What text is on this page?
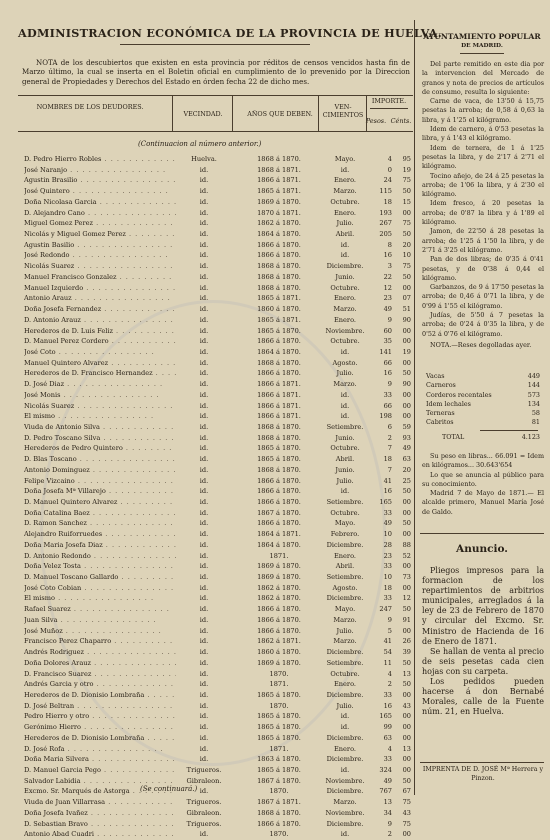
ADMINISTRACION ECONÓMICA DE LA PROVINCIA DE HUELVA.
NOTA de los descubiertos que existen en esta provincia por réditos de censos vencidos hasta fin de Marzo último, la cual se inserta en el Boletin oficial en cumplimiento de lo prevenido por la Direccion general de Propiedades y Derechos del Estado en órden fecha 22 de dicho mes.
NOMBRES DE LOS DEUDORES.
VECINDAD.	AÑOS QUE DEBEN.
VEN- CIMIENTOS
IMPORTE.
Pesos. Cénts.
(Continuacion al número anterior.)
D. Pedro Hierro Robles . . .	Huelva.	1868 á 1870.	Mayo.	4	95
José Naranjo . . .	id.	1868 á 1871.	id.	0	19
Agustin Brasilio . . .	id.	1866 á 1871.	Enero.	24	75
José Quintero . . .	id.	1865 á 1871.	Marzo.	115	50
Doña Nicolasa Garcia . . .	id.	1869 á 1870.	Octubre.	18	15
D. Alejandro Cano . . .	id.	1870 á 1871.	Enero.	193	00
Miguel Gomez Perez . . .	id.	1862 á 1870.	Julio.	267	75
Nicolás y Miguel Gomez Perez . . .	id.	1864 á 1870.	Abril.	205	50
Agustin Basilio . . .	id.	1866 á 1870.	id.	8	20
José Redondo . . .	id.	1866 á 1870.	id.	16	10
Nicolás Suarez . . .	id.	1868 á 1870.	Diciembre.	3	75
Manuel Francisco Gonzalez . . .	id.	1868 á 1870.	Junio.	22	50
Manuel Izquierdo . . .	id.	1868 á 1870.	Octubre.	12	00
Antonio Arauz . . .	id.	1865 á 1871.	Enero.	23	07
Doña Josefa Fernandez . . .	id.	1860 á 1870.	Marzo.	49	51
D. Antonio Arauz . . .	id.	1865 á 1871.	Enero.	9	90
Herederos de D. Luis Feliz . . .	id.	1865 á 1870.	Noviembre.	60	00
D. Manuel Perez Cordero . . .	id.	1866 á 1870.	Octubre.	35	00
José Coto . . .	id.	1864 á 1870.	id.	141	19
Manuel Quintero Alvarez . . .	id.	1868 á 1870.	Agosto.	66	00
Herederos de D. Francisco Hernandez . . .	id.	1866 á 1870.	Julio.	16	50
D. José Diaz . . .	id.	1866 á 1871.	Marzo.	9	90
José Monis . . .	id.	1866 á 1871.	id.	33	00
Nicolás Suarez . . .	id.	1866 á 1871.	id.	66	00
El mismo . . .	id.	1866 á 1871.	id.	198	00
Viuda de Antonio Silva . . .	id.	1868 á 1870.	Setiembre.	6	59
D. Pedro Toscano Silva . . .	id.	1868 á 1870.	Junio.	2	93
Herederos de Pedro Quintero . . .	id.	1865 á 1870.	Octubre.	7	49
D. Blas Toscano . . .	id.	1865 á 1870.	Abril.	18	63
Antonio Dominguez . . .	id.	1868 á 1870.	Junio.	7	20
Felipe Vizcaino . . .	id.	1866 á 1870.	Julio.	41	25
Doña Josefa Mª Villarejo . . .	id.	1866 á 1870.	id.	16	50
D. Manuel Quintero Alvarez . . .	id.	1866 á 1870.	Setiembre.	165	00
Doña Catalina Baez . . .	id.	1867 á 1870.	Octubre.	33	00
D. Ramon Sanchez . . .	id.	1866 á 1870.	Mayo.	49	50
Alejandro Ruiforruedes . . .	id.	1864 á 1871.	Febrero.	10	00
Doña Maria Josefa Diaz . . .	id.	1864 á 1870.	Diciembre.	28	88
D. Antonio Redondo . . .	id.	1871.	Enero.	23	52
Doña Velez Tosta . . .	id.	1869 á 1870.	Abril.	33	00
D. Manuel Toscano Gallardo . . .	id.	1869 á 1870.	Setiembre.	10	73
José Coto Cobian . . .	id.	1862 á 1870.	Agosto.	18	00
El mismo . . .	id.	1862 á 1870.	Diciembre.	33	12
Rafael Suarez . . .	id.	1866 á 1870.	Mayo.	247	50
Juan Silva . . .	id.	1866 á 1870.	Marzo.	9	91
José Muñoz . . .	id.	1866 á 1870.	Julio.	5	00
Francisco Perez Chaparro . . .	id.	1862 á 1871.	Marzo.	41	26
Andrés Rodriguez . . .	id.	1860 á 1870.	Diciembre.	54	39
Doña Dolores Arauz . . .	id.	1869 á 1870.	Setiembre.	11	50
D. Francisco Suarez . . .	id.	1870.	Octubre.	4	13
Andrés Garcia y otro . . .	id.	1871.	Enero.	2	50
Herederos de D. Dionisio Lombraña . . .	id.	1865 á 1870.	Diciembre.	33	00
D. José Beltran . . .	id.	1870.	Julio.	16	43
Pedro Hierro y otro . . .	id.	1865 á 1870.	id.	165	00
Gerónimo Hierro . . .	id.	1865 á 1870.	id.	99	00
Herederos de D. Dionisio Lombraña . . .	id.	1865 á 1870.	Diciembre.	63	00
D. José Rofa . . .	id.	1871.	Enero.	4	13
Doña Maria Silvera . . .	id.	1863 á 1870.	Diciembre.	33	00
D. Manuel Garcia Pego . . .	Trigueros.	1865 á 1870.	id.	324	00
Salvador Labidia . . .	Gibraleon.	1867 á 1870.	Noviembre.	49	50
Excmo. Sr. Marqués de Astorga . . .	id.	1870.	Diciembre.	767	67
Viuda de Juan Villarrasa . . .	Trigueros.	1867 á 1871.	Marzo.	13	75
Doña Josefa Ivañez . . .	Gibraleon.	1868 á 1870.	Noviembre.	34	43
D. Sebastian Bravo . . .	Trigueros.	1866 á 1870.	Diciembre.	9	75
Antonio Abad Cuadri . . .	id.	1870.	id.	2	00
(Se continuará.)
AYUNTAMIENTO POPULAR
DE MADRID.

Del parte remitido en este dia por la intervencion del Mercado de granos y nota de precios de artículos de consumo, resulta lo siguiente:

Carne de vaca, de 13'50 á 15,75 pesetas la arroba; de 0,58 á 0,63 la libra, y á 1'25 el kilógramo.

Idem de carnero, á 0'53 pesetas la libra, y á 1'43 el kilógramo.

Idem de ternera, de 1 á 1'25 pesetas la libra, y de 2'17 á 2'71 el kilógramo.

Tocino añejo, de 24 á 25 pesetas la arroba; de 1'06 la libra, y á 2'30 el kilógramo.

Idem fresco, á 20 pesetas la arroba; de 0'87 la libra y á 1'89 el kilógramo.

Jamon, de 22'50 á 28 pesetas la arroba; de 1'25 á 1'50 la libra, y de 2'71 á 3'25 el kilógramo.

Pan de dos libras; de 0'35 á 0'41 pesetas, y de 0'38 á 0,44 el kilógramo.

Garbanzos, de 9 á 17'50 pesetas la arroba; de 0,46 á 0'71 la libra, y de 0'99 á 1'55 el kilógramo.

Judías, de 5'50 á 7 pesetas la arroba; de 0'24 á 0'35 la libra, y de 0'52 á 0'76 el kilógramo.

NOTA.—Reses degolladas ayer.

Vacas	449
Carneros	144
Corderos recentales	573
Idem lechales	134
Terneras	58
Cabritos	81
TOTAL	4.123

Su peso en libras... 66.091 = Idem en kilógramos... 30.643'654

Lo que se anuncia al público para su conocimiento.

Madrid 7 de Mayo de 1871.— El alcalde primero, Manuel María José de Galdo.

Anuncio.

Pliegos impresos para la formacion de los repartimientos de arbitrios municipales, arreglados á la ley de 23 de Febrero de 1870 y circular del Excmo. Sr. Ministro de Hacienda de 16 de Enero de 1871.

Se hallan de venta al precio de seis pesetas cada cien hojas con su carpeta.

Los pedidos pueden hacerse á don Bernabé Morales, calle de la Fuente núm. 21, en Huelva.

IMPRENTA DE D. JOSÉ Mª Herrera y Pinzon.
